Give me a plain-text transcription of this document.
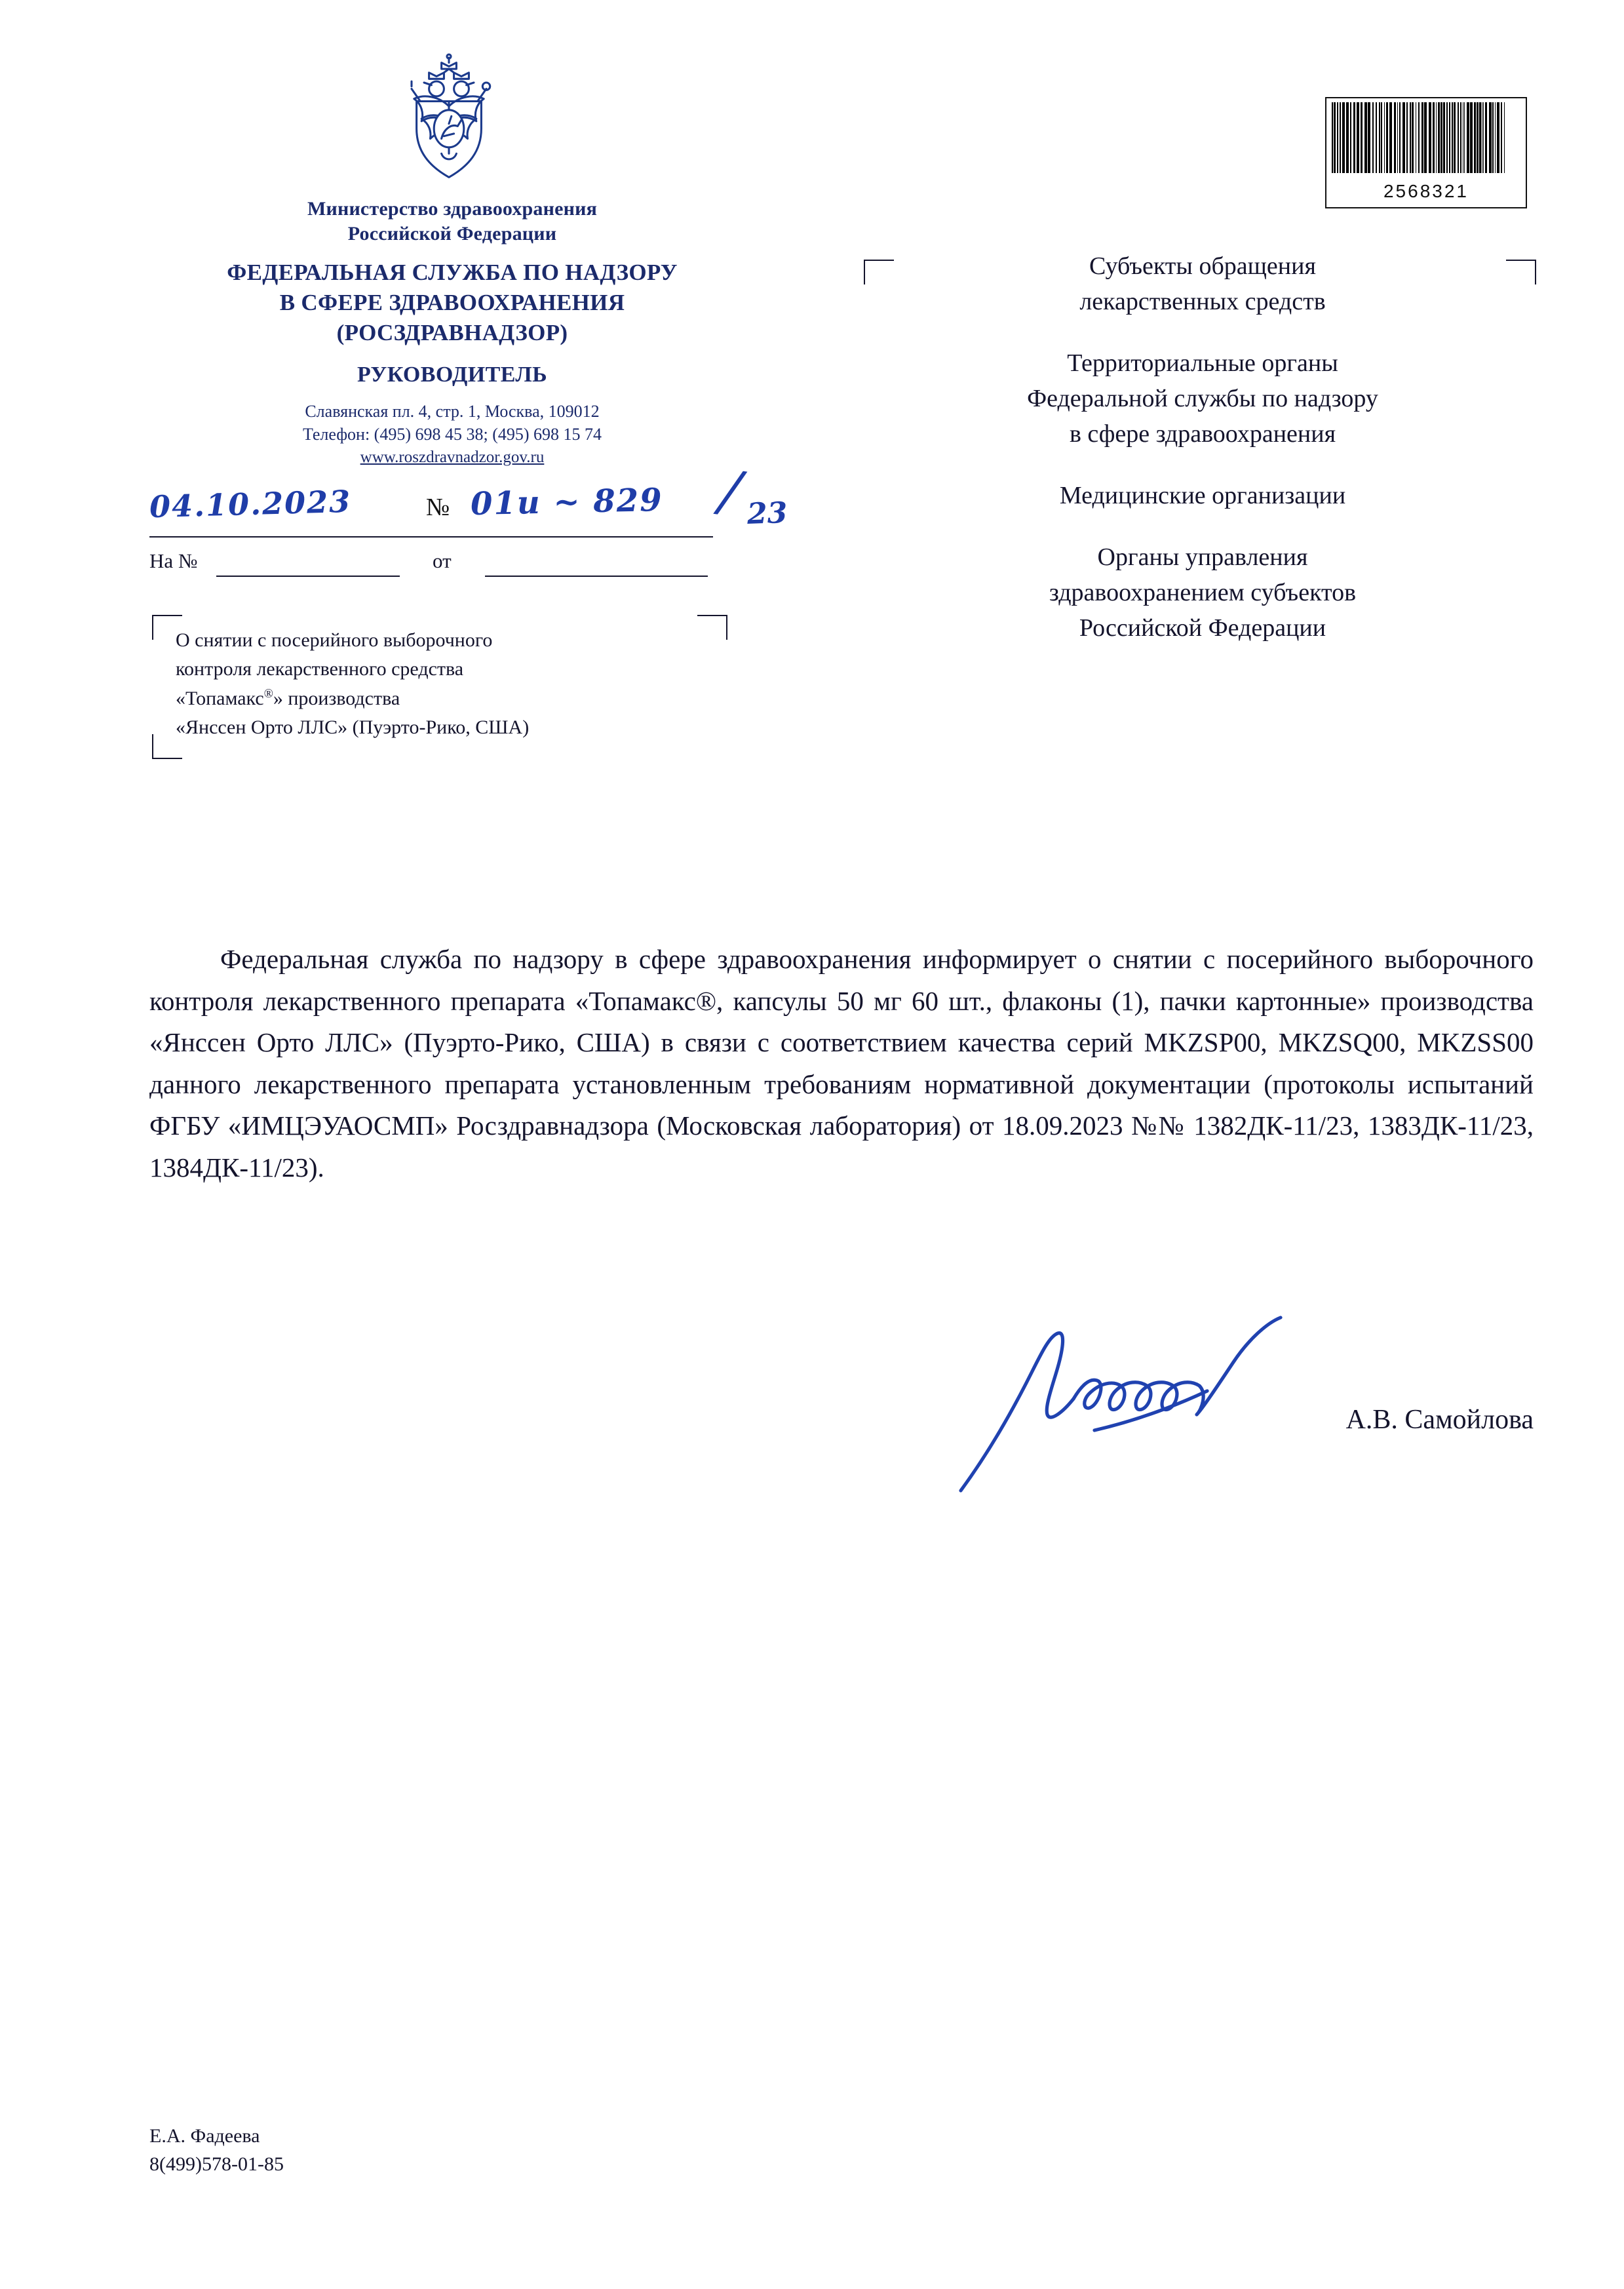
Министерство здравоохранения
Российской Федерации
ФЕДЕРАЛЬНАЯ СЛУЖБА ПО НАДЗОРУ
В СФЕРЕ ЗДРАВООХРАНЕНИЯ
(РОСЗДРАВНАДЗОР)
РУКОВОДИТЕЛЬ
Славянская пл. 4, стр. 1, Москва, 109012
Телефон: (495) 698 45 38; (495) 698 15 74
www.roszdravnadzor.gov.ru
04.10.2023	№ 01и ~ 829 / 23
На №	от
О снятии с посерийного выборочного
контроля лекарственного средства
«Топамакс®» производства
«Янссен Орто ЛЛС» (Пуэрто-Рико, США)
Субъекты обращения
лекарственных средств
Территориальные органы
Федеральной службы по надзору
в сфере здравоохранения
Медицинские организации
Органы управления
здравоохранением субъектов
Российской Федерации
2568321
Федеральная служба по надзору в сфере здравоохранения информирует о снятии с посерийного выборочного контроля лекарственного препарата «Топамакс®, капсулы 50 мг 60 шт., флаконы (1), пачки картонные» производства «Янссен Орто ЛЛС» (Пуэрто-Рико, США) в связи с соответствием качества серий MKZSP00, MKZSQ00, MKZSS00 данного лекарственного препарата установленным требованиям нормативной документации (протоколы испытаний ФГБУ «ИМЦЭУАОСМП» Росздравнадзора (Московская лаборатория) от 18.09.2023 №№ 1382ДК-11/23, 1383ДК-11/23, 1384ДК-11/23).
А.В. Самойлова
Е.А. Фадеева
8(499)578-01-85
